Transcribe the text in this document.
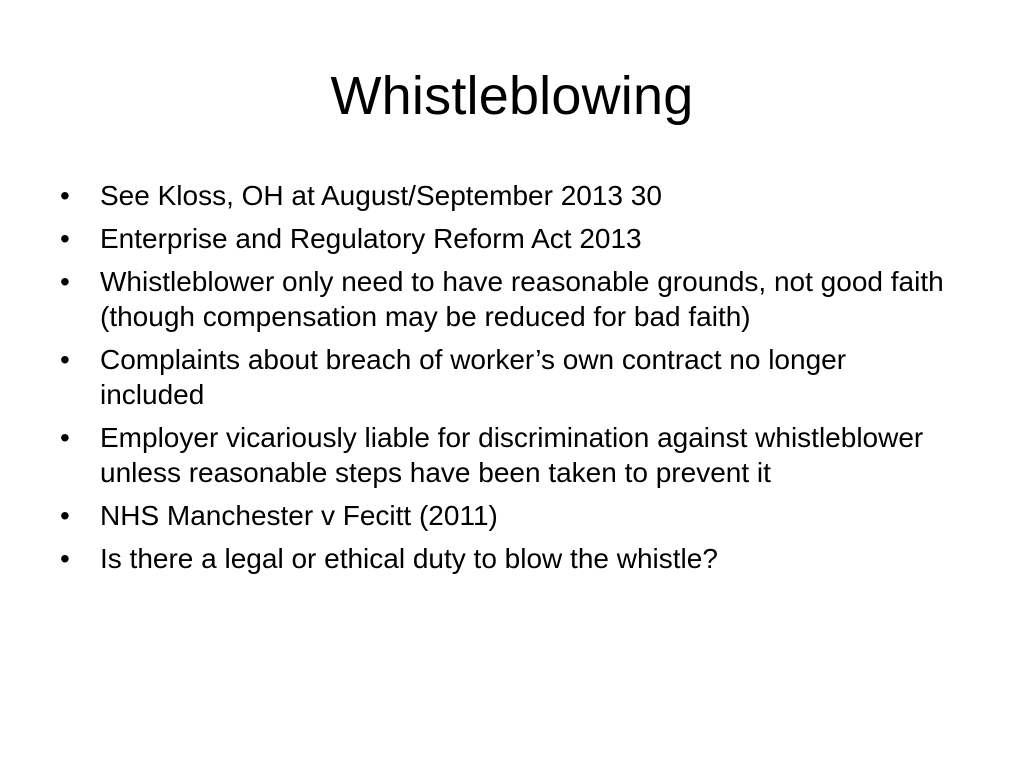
Whistleblowing
•	See Kloss, OH at August/September 2013 30
•	Enterprise and Regulatory Reform Act 2013
•	Whistleblower only need to have reasonable grounds, not good faith (though compensation may be reduced for bad faith)
•	Complaints about breach of worker’s own contract no longer included
•	Employer vicariously liable for discrimination against whistleblower unless reasonable steps have been taken to prevent it
•	NHS Manchester v Fecitt (2011)
•	Is there a legal or ethical duty to blow the whistle?
